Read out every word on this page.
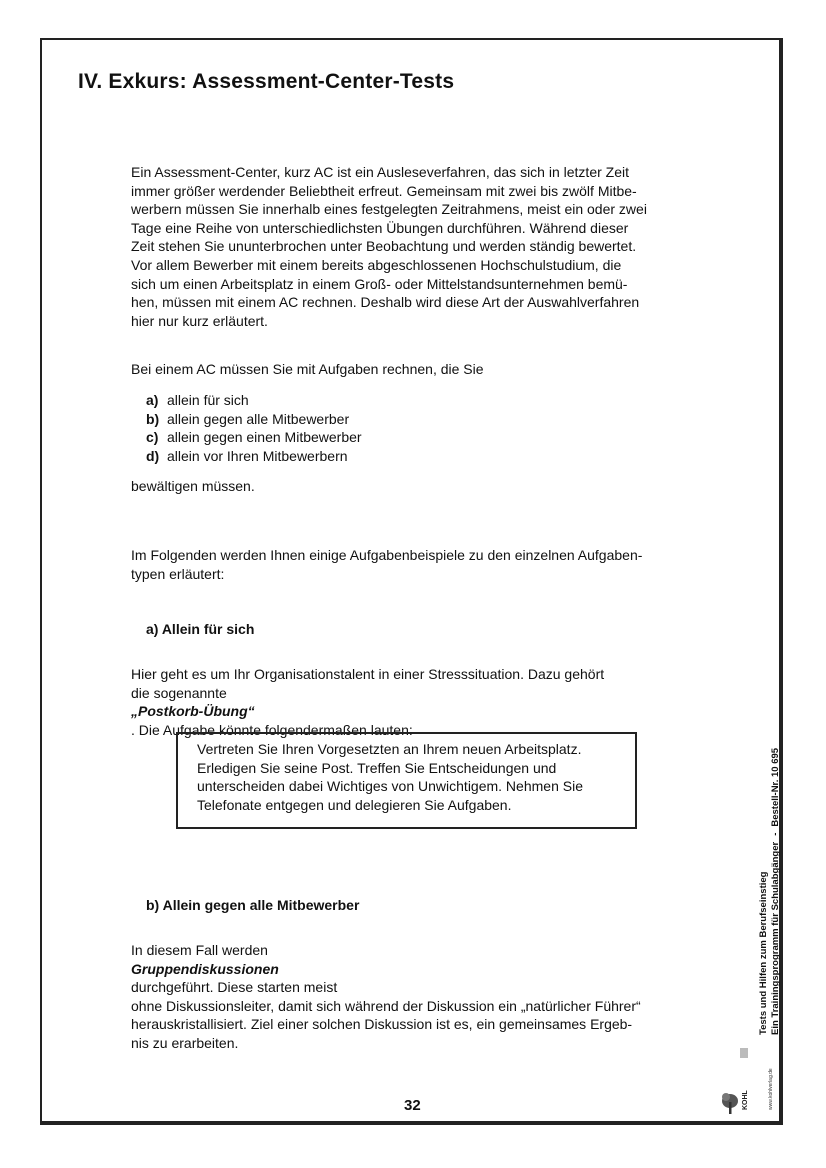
IV. Exkurs: Assessment-Center-Tests

Ein Assessment-Center, kurz AC ist ein Ausleseverfahren, das sich in letzter Zeit
immer größer werdender Beliebtheit erfreut. Gemeinsam mit zwei bis zwölf Mitbe-
werbern müssen Sie innerhalb eines festgelegten Zeitrahmens, meist ein oder zwei
Tage eine Reihe von unterschiedlichsten Übungen durchführen. Während dieser
Zeit stehen Sie ununterbrochen unter Beobachtung und werden ständig bewertet.
Vor allem Bewerber mit einem bereits abgeschlossenen Hochschulstudium, die
sich um einen Arbeitsplatz in einem Groß- oder Mittelstandsunternehmen bemü-
hen, müssen mit einem AC rechnen. Deshalb wird diese Art der Auswahlverfahren
hier nur kurz erläutert.

Bei einem AC müssen Sie mit Aufgaben rechnen, die Sie

a) allein für sich
b) allein gegen alle Mitbewerber
c) allein gegen einen Mitbewerber
d) allein vor Ihren Mitbewerbern

bewältigen müssen.

Im Folgenden werden Ihnen einige Aufgabenbeispiele zu den einzelnen Aufgaben-
typen erläutert:

a) Allein für sich

Hier geht es um Ihr Organisationstalent in einer Stresssituation. Dazu gehört
die sogenannte
„Postkorb-Übung“
. Die Aufgabe könnte folgendermaßen lauten:

Vertreten Sie Ihren Vorgesetzten an Ihrem neuen Arbeitsplatz.
Erledigen Sie seine Post. Treffen Sie Entscheidungen und
unterscheiden dabei Wichtiges von Unwichtigem. Nehmen Sie
Telefonate entgegen und delegieren Sie Aufgaben.
b) Allein gegen alle Mitbewerber

In diesem Fall werden
Gruppendiskussionen
durchgeführt. Diese starten meist
ohne Diskussionsleiter, damit sich während der Diskussion ein „natürlicher Führer“
herauskristallisiert. Ziel einer solchen Diskussion ist es, ein gemeinsames Ergeb-
nis zu erarbeiten.

32
Tests und Hilfen zum Berufseinstieg Ein Trainingsprogramm für Schulabgänger-Bestell-Nr. 10 695
KOHL	www.kohlverlag.de
